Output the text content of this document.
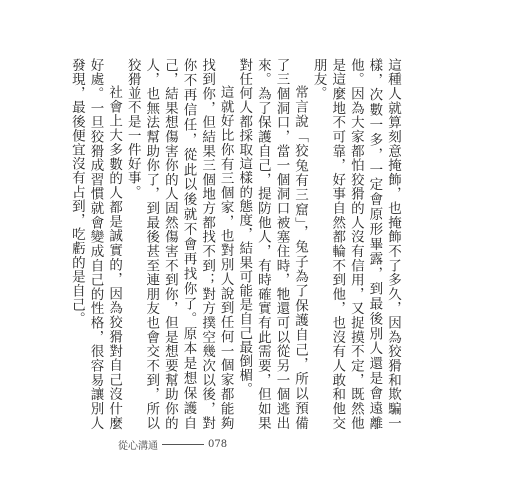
這種人就算刻意掩飾，也掩飾不了多久，因為狡猾和欺騙一樣，次數一多，一定會原形畢露，到最後別人還是會遠離他。因為大家都怕狡猾的人沒有信用，又捉摸不定，既然他是這麼地不可靠，好事自然都輪不到他，也沒有人敢和他交朋友。

常言說「狡兔有三窟」，兔子為了保護自己，所以預備了三個洞口，當一個洞口被塞住時，牠還可以從另一個逃出來。為了保護自己，提防他人，有時確實有此需要，但如果對任何人都採取這樣的態度，結果可能是自己最倒楣。

這就好比你有三個家，也對別人說到任何一個家都能夠找到你，但結果三個地方都找不到；對方撲空幾次以後，對你不再信任，從此以後就不會再找你了。原本是想保護自己，結果想傷害你的人固然傷害不到你，但是想要幫助你的人，也無法幫助你了，到最後甚至連朋友也會交不到，所以狡猾並不是一件好事。

社會上大多數的人都是誠實的，因為狡猾對自己沒什麼好處。一旦狡猾成習慣就會變成自己的性格，很容易讓別人發現，最後便宜沒有占到，吃虧的是自己。

從心溝通	078
